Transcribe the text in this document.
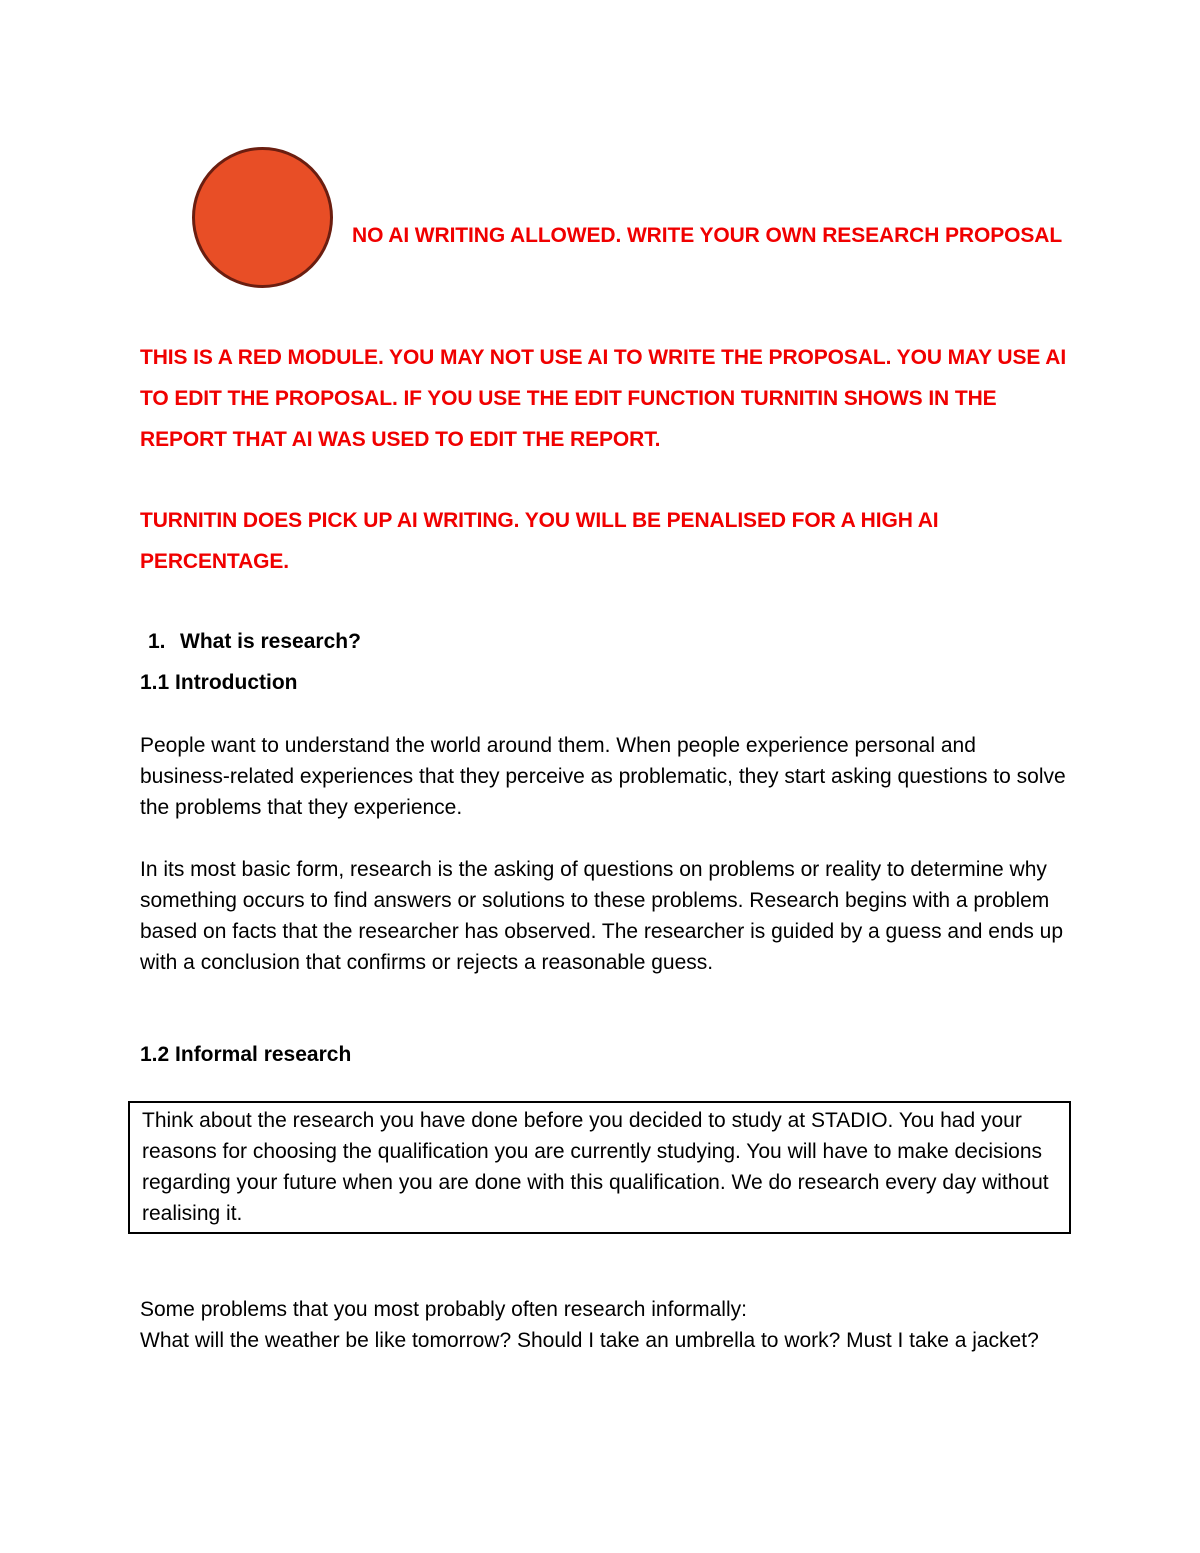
NO AI WRITING ALLOWED. WRITE YOUR OWN RESEARCH PROPOSAL
THIS IS A RED MODULE. YOU MAY NOT USE AI TO WRITE THE PROPOSAL. YOU MAY USE AI TO EDIT THE PROPOSAL. IF YOU USE THE EDIT FUNCTION TURNITIN SHOWS IN THE REPORT THAT AI WAS USED TO EDIT THE REPORT.
TURNITIN DOES PICK UP AI WRITING. YOU WILL BE PENALISED FOR A HIGH AI PERCENTAGE.
1. What is research?
1.1 Introduction
People want to understand the world around them. When people experience personal and business-related experiences that they perceive as problematic, they start asking questions to solve the problems that they experience.
In its most basic form, research is the asking of questions on problems or reality to determine why something occurs to find answers or solutions to these problems. Research begins with a problem based on facts that the researcher has observed. The researcher is guided by a guess and ends up with a conclusion that confirms or rejects a reasonable guess.
1.2 Informal research
Think about the research you have done before you decided to study at STADIO. You had your reasons for choosing the qualification you are currently studying. You will have to make decisions regarding your future when you are done with this qualification. We do research every day without realising it.
Some problems that you most probably often research informally:
What will the weather be like tomorrow? Should I take an umbrella to work? Must I take a jacket?
